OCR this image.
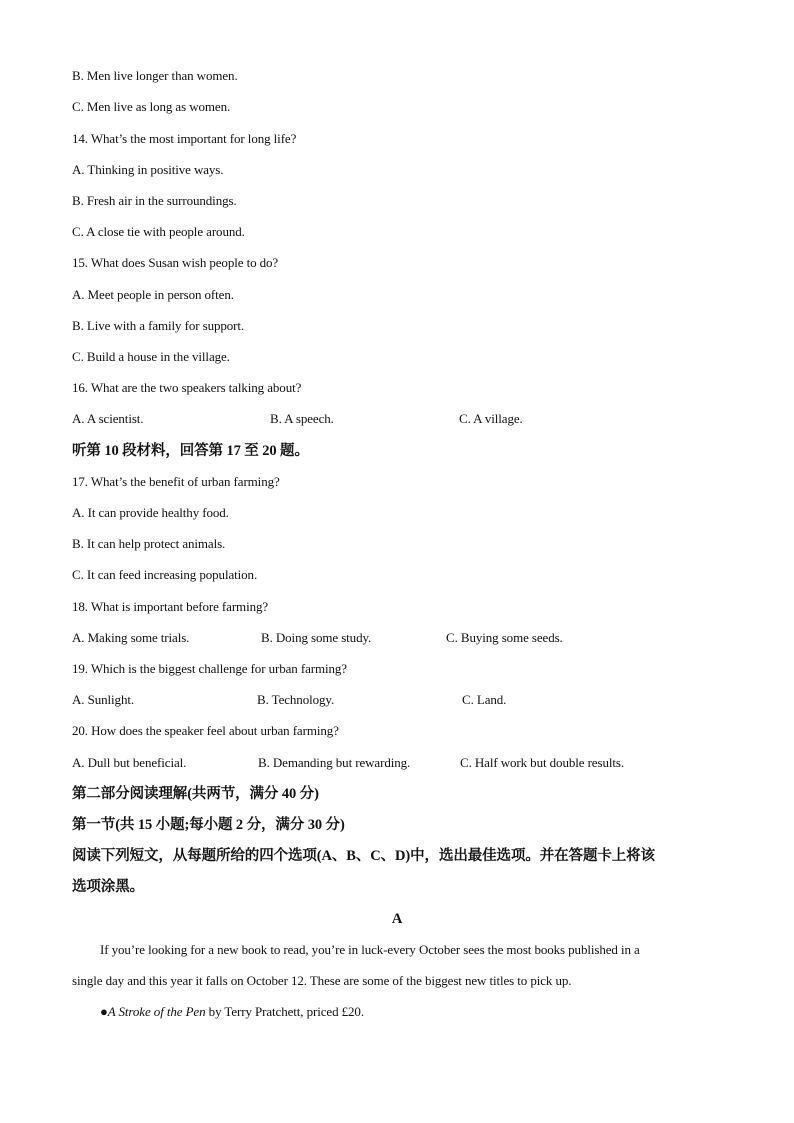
B. Men live longer than women.
C. Men live as long as women.
14. What’s the most important for long life?
A. Thinking in positive ways.
B. Fresh air in the surroundings.
C. A close tie with people around.
15. What does Susan wish people to do?
A. Meet people in person often.
B. Live with a family for support.
C. Build a house in the village.
16. What are the two speakers talking about?
A. A scientist.	B. A speech.	C. A village.
听第 10 段材料，回答第 17 至 20 题。
17. What’s the benefit of urban farming?
A. It can provide healthy food.
B. It can help protect animals.
C. It can feed increasing population.
18. What is important before farming?
A. Making some trials.	B. Doing some study.	C. Buying some seeds.
19. Which is the biggest challenge for urban farming?
A. Sunlight.	B. Technology.	C. Land.
20. How does the speaker feel about urban farming?
A. Dull but beneficial.	B. Demanding but rewarding.	C. Half work but double results.
第二部分阅读理解(共两节，满分 40 分)
第一节(共 15 小题;每小题 2 分，满分 30 分)
阅读下列短文，从每题所给的四个选项(A、B、C、D)中，选出最佳选项。并在答题卡上将该
选项涂黑。
A
If you’re looking for a new book to read, you’re in luck-every October sees the most books published in a
single day and this year it falls on October 12. These are some of the biggest new titles to pick up.
●A Stroke of the Pen by Terry Pratchett, priced £20.
